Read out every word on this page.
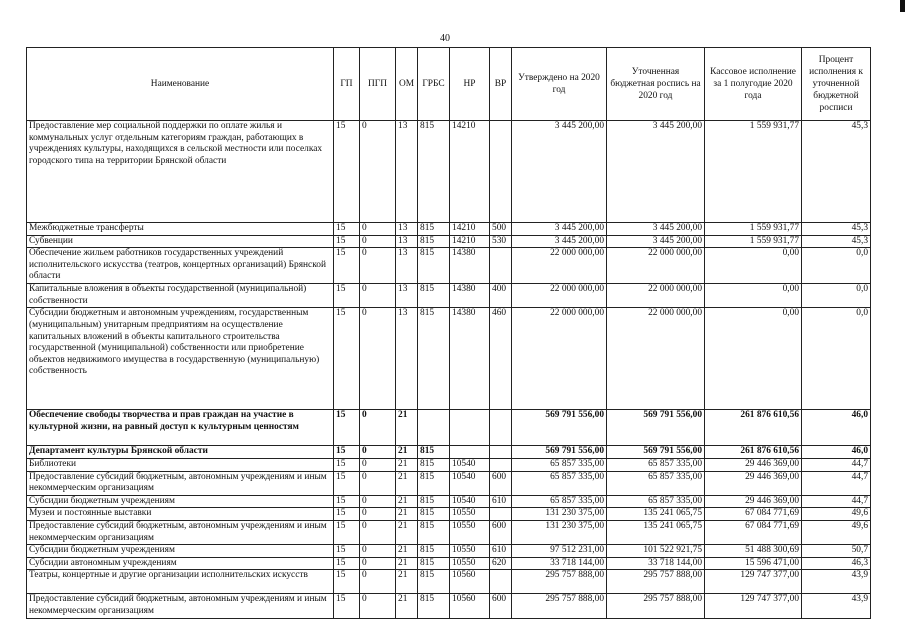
40
Наименование	ГП	ПГП	ОМ	ГРБС	НР	ВР	Утверждено на 2020 год	Уточненная бюджетная роспись на 2020 год	Кассовое исполнение за 1 полугодие 2020 года	Процент исполнения к уточненной бюджетной росписи
Предоставление мер социальной поддержки по оплате жилья и коммунальных услуг отдельным категориям граждан, работающих в учреждениях культуры, находящихся в сельской местности или поселках городского типа на территории Брянской области	15	0	13	815	14210		3 445 200,00	3 445 200,00	1 559 931,77	45,3
Межбюджетные трансферты	15	0	13	815	14210	500	3 445 200,00	3 445 200,00	1 559 931,77	45,3
Субвенции	15	0	13	815	14210	530	3 445 200,00	3 445 200,00	1 559 931,77	45,3
Обеспечение жильем работников государственных учреждений исполнительского искусства (театров, концертных организаций) Брянской области	15	0	13	815	14380		22 000 000,00	22 000 000,00	0,00	0,0
Капитальные вложения в объекты государственной (муниципальной) собственности	15	0	13	815	14380	400	22 000 000,00	22 000 000,00	0,00	0,0
Субсидии бюджетным и автономным учреждениям, государственным (муниципальным) унитарным предприятиям на осуществление капитальных вложений в объекты капитального строительства государственной (муниципальной) собственности или приобретение объектов недвижимого имущества в государственную (муниципальную) собственность	15	0	13	815	14380	460	22 000 000,00	22 000 000,00	0,00	0,0
Обеспечение свободы творчества и прав граждан на участие в культурной жизни, на равный доступ к культурным ценностям	15	0	21				569 791 556,00	569 791 556,00	261 876 610,56	46,0
Департамент культуры Брянской области	15	0	21	815			569 791 556,00	569 791 556,00	261 876 610,56	46,0
Библиотеки	15	0	21	815	10540		65 857 335,00	65 857 335,00	29 446 369,00	44,7
Предоставление субсидий бюджетным, автономным учреждениям и иным некоммерческим организациям	15	0	21	815	10540	600	65 857 335,00	65 857 335,00	29 446 369,00	44,7
Субсидии бюджетным учреждениям	15	0	21	815	10540	610	65 857 335,00	65 857 335,00	29 446 369,00	44,7
Музеи и постоянные выставки	15	0	21	815	10550		131 230 375,00	135 241 065,75	67 084 771,69	49,6
Предоставление субсидий бюджетным, автономным учреждениям и иным некоммерческим организациям	15	0	21	815	10550	600	131 230 375,00	135 241 065,75	67 084 771,69	49,6
Субсидии бюджетным учреждениям	15	0	21	815	10550	610	97 512 231,00	101 522 921,75	51 488 300,69	50,7
Субсидии автономным учреждениям	15	0	21	815	10550	620	33 718 144,00	33 718 144,00	15 596 471,00	46,3
Театры, концертные и другие организации исполнительских искусств	15	0	21	815	10560		295 757 888,00	295 757 888,00	129 747 377,00	43,9
Предоставление субсидий бюджетным, автономным учреждениям и иным некоммерческим организациям	15	0	21	815	10560	600	295 757 888,00	295 757 888,00	129 747 377,00	43,9
